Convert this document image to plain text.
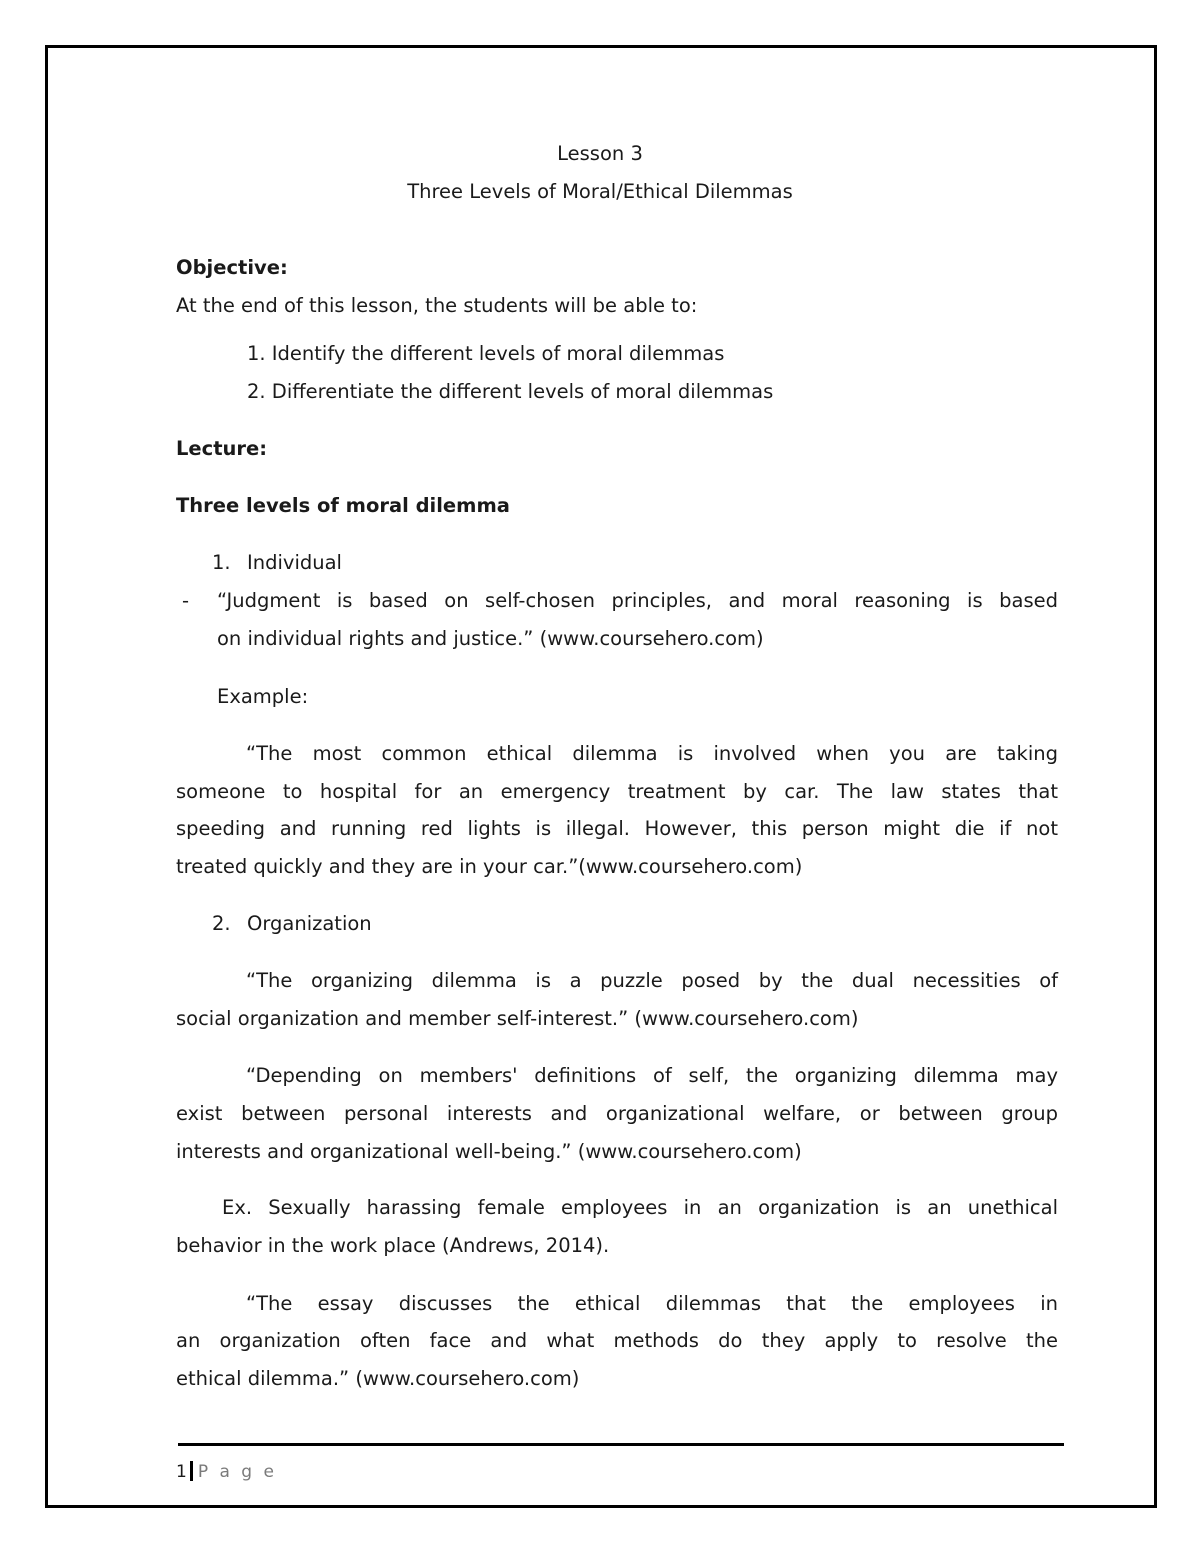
Lesson 3
Three Levels of Moral/Ethical Dilemmas
Objective:
At the end of this lesson, the students will be able to:
1. Identify the different levels of moral dilemmas
2. Differentiate the different levels of moral dilemmas
Lecture:
Three levels of moral dilemma
1. Individual
- “Judgment is based on self-chosen principles, and moral reasoning is based
on individual rights and justice.” (www.coursehero.com)
Example:
“The most common ethical dilemma is involved when you are taking
someone to hospital for an emergency treatment by car. The law states that
speeding and running red lights is illegal. However, this person might die if not
treated quickly and they are in your car.”(www.coursehero.com)
2. Organization
“The organizing dilemma is a puzzle posed by the dual necessities of
social organization and member self-interest.” (www.coursehero.com)
“Depending on members' definitions of self, the organizing dilemma may
exist between personal interests and organizational welfare, or between group
interests and organizational well-being.” (www.coursehero.com)
Ex. Sexually harassing female employees in an organization is an unethical
behavior in the work place (Andrews, 2014).
“The essay discusses the ethical dilemmas that the employees in
an organization often face and what methods do they apply to resolve the
ethical dilemma.” (www.coursehero.com)
1 P a g e
